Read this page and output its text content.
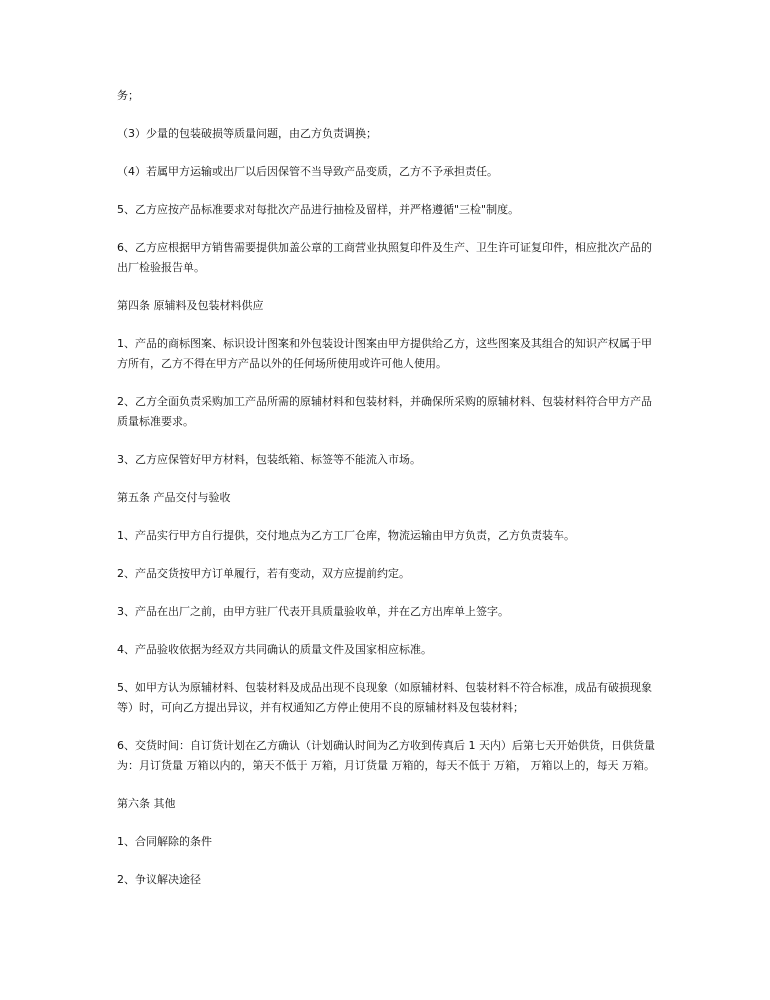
务；

（3）少量的包装破损等质量问题，由乙方负责调换；

（4）若属甲方运输或出厂以后因保管不当导致产品变质，乙方不予承担责任。

5、乙方应按产品标准要求对每批次产品进行抽检及留样，并严格遵循"三检"制度。

6、乙方应根据甲方销售需要提供加盖公章的工商营业执照复印件及生产、卫生许可证复印件，相应批次产品的出厂检验报告单。

第四条 原辅料及包装材料供应

1、产品的商标图案、标识设计图案和外包装设计图案由甲方提供给乙方，这些图案及其组合的知识产权属于甲方所有，乙方不得在甲方产品以外的任何场所使用或许可他人使用。

2、乙方全面负责采购加工产品所需的原辅材料和包装材料，并确保所采购的原辅材料、包装材料符合甲方产品质量标准要求。

3、乙方应保管好甲方材料，包装纸箱、标签等不能流入市场。

第五条 产品交付与验收

1、产品实行甲方自行提供，交付地点为乙方工厂仓库，物流运输由甲方负责，乙方负责装车。

2、产品交货按甲方订单履行，若有变动，双方应提前约定。

3、产品在出厂之前，由甲方驻厂代表开具质量验收单，并在乙方出库单上签字。

4、产品验收依据为经双方共同确认的质量文件及国家相应标准。

5、如甲方认为原辅材料、包装材料及成品出现不良现象（如原辅材料、包装材料不符合标准，成品有破损现象等）时，可向乙方提出异议，并有权通知乙方停止使用不良的原辅材料及包装材料；

6、交货时间：自订货计划在乙方确认（计划确认时间为乙方收到传真后 1 天内）后第七天开始供货，日供货量为：月订货量 万箱以内的，第天不低于 万箱，月订货量 万箱的，每天不低于 万箱， 万箱以上的，每天 万箱。

第六条 其他

1、合同解除的条件

2、争议解决途径
